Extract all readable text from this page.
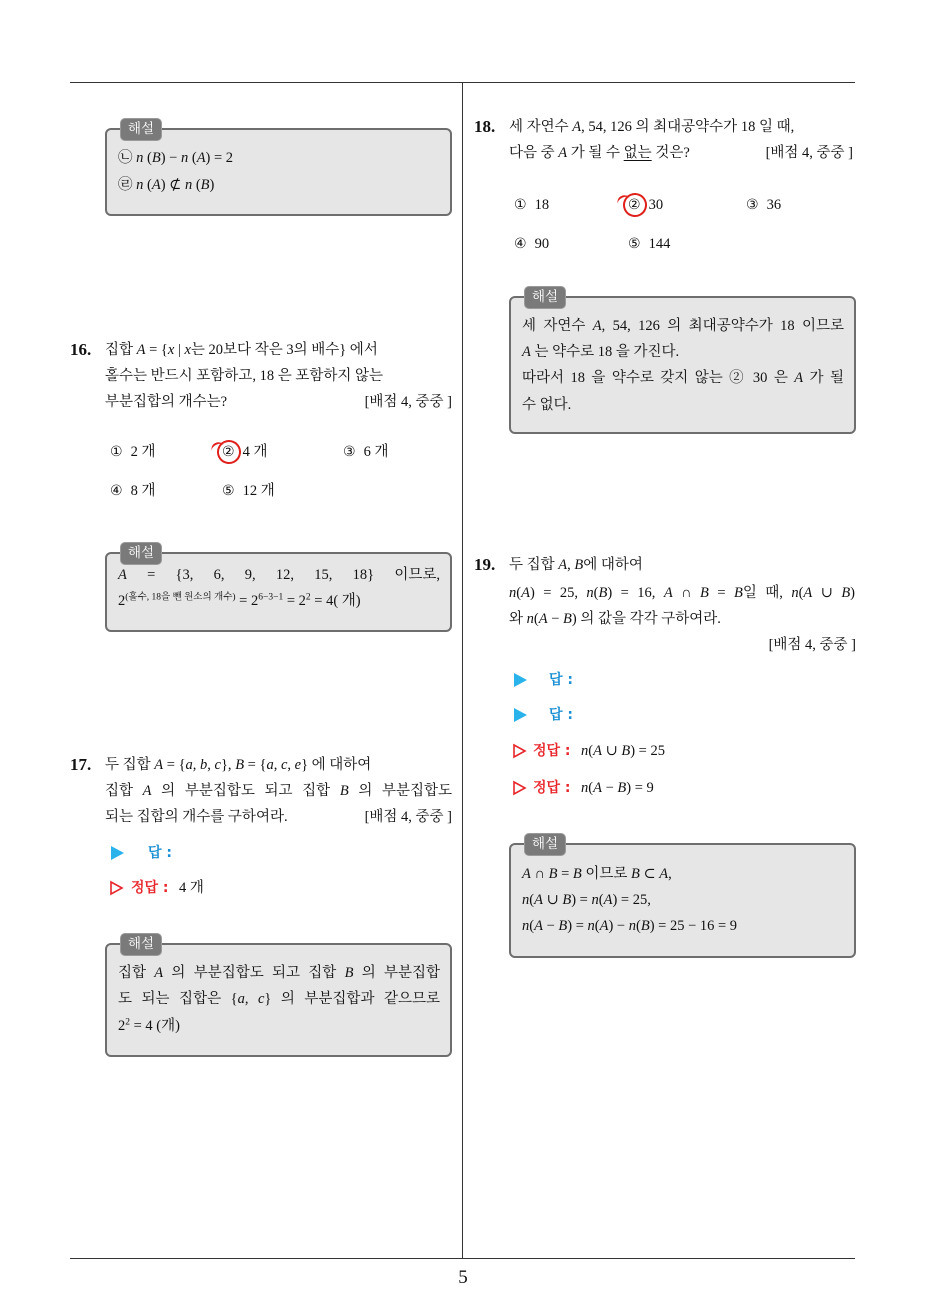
5
해설
㉡ n (B) − n (A) = 2
㉣ n (A) ⊄ n (B)
16. 집합 A = {x | x는 20보다 작은 3의 배수} 에서
홀수는 반드시 포함하고, 18 은 포함하지 않는
부분집합의 개수는?	[배점 4, 중중 ]
① 2 개	② 4 개	③ 6 개
④ 8 개	⑤ 12 개
해설
A = {3, 6, 9, 12, 15, 18} 이므로,
$2^{(홀수, 18을 뺀 원소의 개수)} = 2^{6-3-1} = 2^2 = 4$( 개)
17. 두 집합 A = {a, b, c}, B = {a, c, e} 에 대하여
집합 A 의 부분집합도 되고 집합 B 의 부분집합도
되는 집합의 개수를 구하여라.	[배점 4, 중중 ]
답 :
정답 : 4 개
해설
집합 A 의 부분집합도 되고 집합 B 의 부분집합
도 되는 집합은 {a, c} 의 부분집합과 같으므로
$2^2 = 4$ (개)
18. 세 자연수 A, 54, 126 의 최대공약수가 18 일 때,
다음 중 A 가 될 수 없는 것은?	[배점 4, 중중 ]
① 18	② 30	③ 36
④ 90	⑤ 144
해설
세 자연수 A, 54, 126 의 최대공약수가 18 이므로
A 는 약수로 18 을 가진다.
따라서 18 을 약수로 갖지 않는 ② 30 은 A 가 될
수 없다.
19. 두 집합 A, B에 대하여
n(A) = 25, n(B) = 16, A ∩ B = B일 때, n(A ∪ B)
와 n(A − B) 의 값을 각각 구하여라.
[배점 4, 중중 ]
답 :
답 :
정답 : n(A ∪ B) = 25
정답 : n(A − B) = 9
해설
A ∩ B = B 이므로 B ⊂ A,
n(A ∪ B) = n(A) = 25,
n(A − B) = n(A) − n(B) = 25 − 16 = 9
